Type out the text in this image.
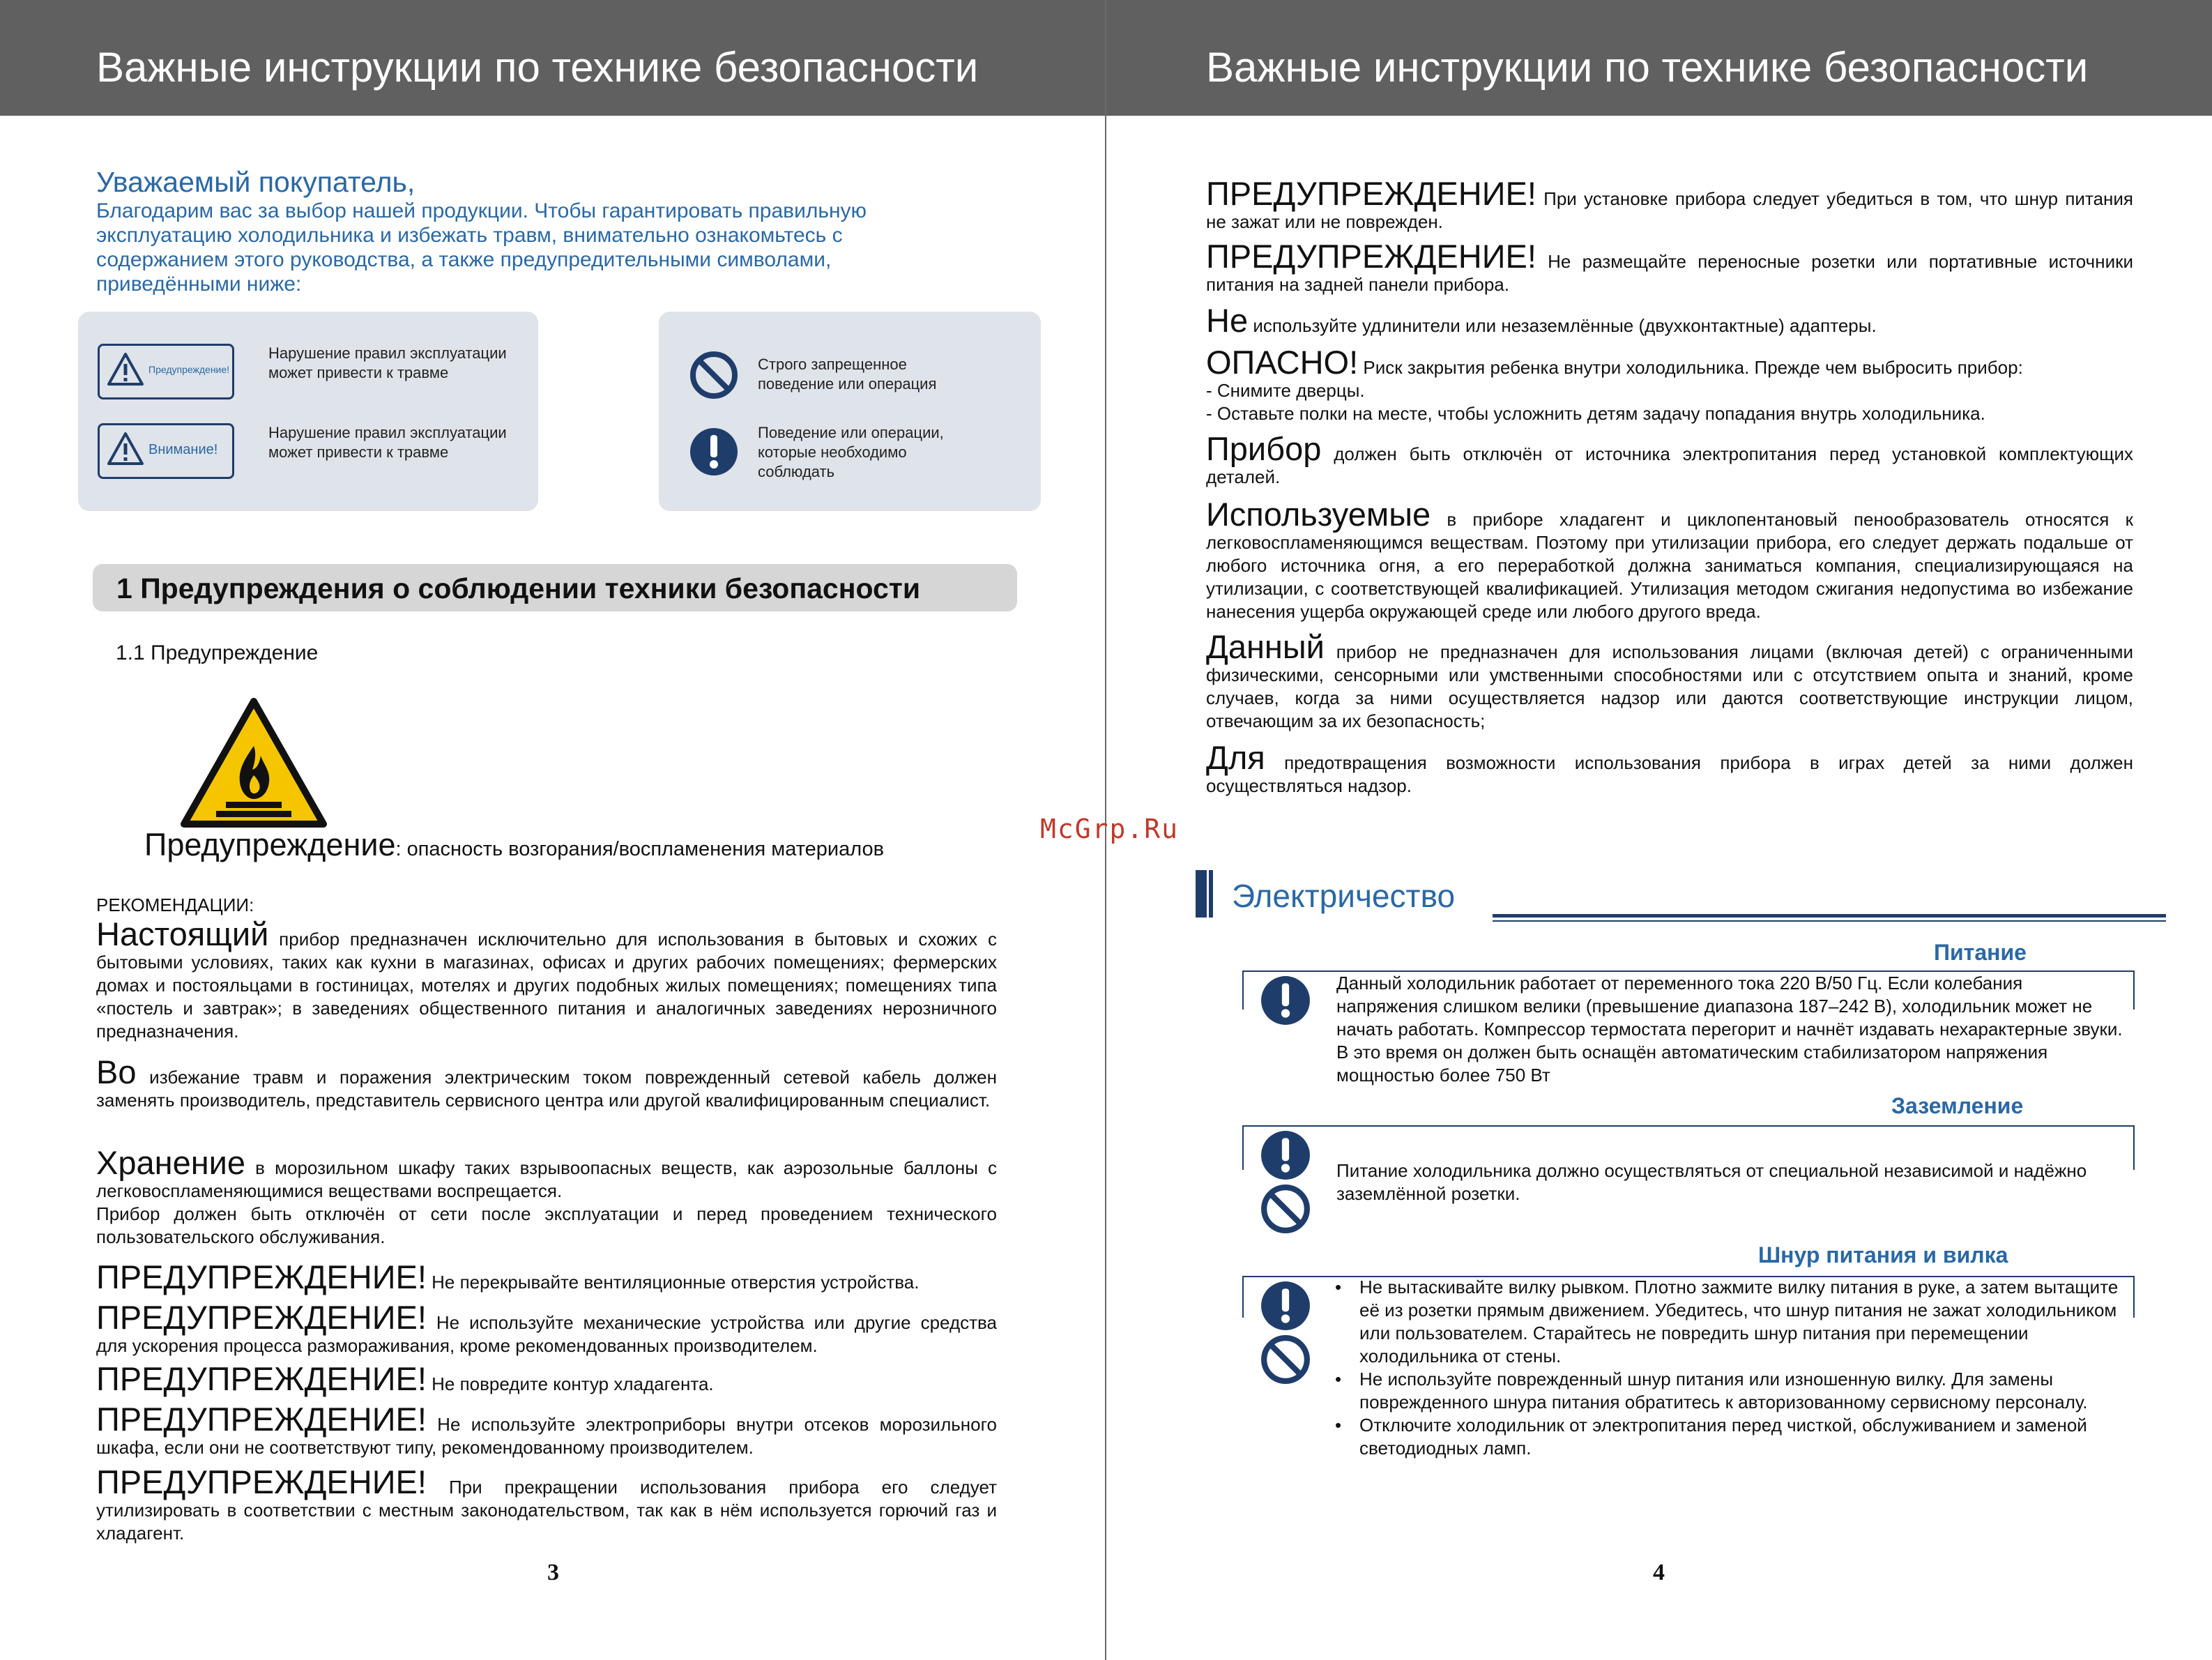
Важные инструкции по технике безопасности
Уважаемый покупатель,
Благодарим вас за выбор нашей продукции. Чтобы гарантировать правильную эксплуатацию холодильника и избежать травм, внимательно ознакомьтесь с содержанием этого руководства, а также предупредительными символами, приведёнными ниже:
Предупреждение!
Нарушение правил эксплуатации может привести к травме
Внимание!
Нарушение правил эксплуатации может привести к травме
Строго запрещенное поведение или операция
Поведение или операции, которые необходимо соблюдать
1 Предупреждения о соблюдении техники безопасности
1.1 Предупреждение
Предупреждение: опасность возгорания/воспламенения материалов
РЕКОМЕНДАЦИИ:
Настоящий прибор предназначен исключительно для использования в бытовых и схожих с бытовыми условиях, таких как кухни в магазинах, офисах и других рабочих помещениях; фермерских домах и постояльцами в гостиницах, мотелях и других подобных жилых помещениях; помещениях типа «постель и завтрак»; в заведениях общественного питания и аналогичных заведениях нерозничного предназначения.
Во избежание травм и поражения электрическим током поврежденный сетевой кабель должен заменять производитель, представитель сервисного центра или другой квалифицированным специалист.
Хранение в морозильном шкафу таких взрывоопасных веществ, как аэрозольные баллоны с легковоспламеняющимися веществами воспрещается.
Прибор должен быть отключён от сети после эксплуатации и перед проведением технического пользовательского обслуживания.
ПРЕДУПРЕЖДЕНИЕ! Не перекрывайте вентиляционные отверстия устройства.
ПРЕДУПРЕЖДЕНИЕ! Не используйте механические устройства или другие средства для ускорения процесса размораживания, кроме рекомендованных производителем.
ПРЕДУПРЕЖДЕНИЕ! Не повредите контур хладагента.
ПРЕДУПРЕЖДЕНИЕ! Не используйте электроприборы внутри отсеков морозильного шкафа, если они не соответствуют типу, рекомендованному производителем.
ПРЕДУПРЕЖДЕНИЕ! При прекращении использования прибора его следует утилизировать в соответствии с местным законодательством, так как в нём используется горючий газ и хладагент.
3
McGrp.Ru
Важные инструкции по технике безопасности
ПРЕДУПРЕЖДЕНИЕ! При установке прибора следует убедиться в том, что шнур питания не зажат или не поврежден.
ПРЕДУПРЕЖДЕНИЕ! Не размещайте переносные розетки или портативные источники питания на задней панели прибора.
Не используйте удлинители или незаземлённые (двухконтактные) адаптеры.
ОПАСНО! Риск закрытия ребенка внутри холодильника. Прежде чем выбросить прибор:
- Снимите дверцы.
- Оставьте полки на месте, чтобы усложнить детям задачу попадания внутрь холодильника.
Прибор должен быть отключён от источника электропитания перед установкой комплектующих деталей.
Используемые в приборе хладагент и циклопентановый пенообразователь относятся к легковоспламеняющимся веществам. Поэтому при утилизации прибора, его следует держать подальше от любого источника огня, а его переработкой должна заниматься компания, специализирующаяся на утилизации, с соответствующей квалификацией. Утилизация методом сжигания недопустима во избежание нанесения ущерба окружающей среде или любого другого вреда.
Данный прибор не предназначен для использования лицами (включая детей) с ограниченными физическими, сенсорными или умственными способностями или с отсутствием опыта и знаний, кроме случаев, когда за ними осуществляется надзор или даются соответствующие инструкции лицом, отвечающим за их безопасность;
Для предотвращения возможности использования прибора в играх детей за ними должен осуществляться надзор.
Электричество
Питание
Данный холодильник работает от переменного тока 220 В/50 Гц. Если колебания напряжения слишком велики (превышение диапазона 187–242 В), холодильник может не начать работать. Компрессор термостата перегорит и начнёт издавать нехарактерные звуки. В это время он должен быть оснащён автоматическим стабилизатором напряжения мощностью более 750 Вт
Заземление
Питание холодильника должно осуществляться от специальной независимой и надёжно заземлённой розетки.
Шнур питания и вилка
• Не вытаскивайте вилку рывком. Плотно зажмите вилку питания в руке, а затем вытащите её из розетки прямым движением. Убедитесь, что шнур питания не зажат холодильником или пользователем. Старайтесь не повредить шнур питания при перемещении холодильника от стены.
• Не используйте поврежденный шнур питания или изношенную вилку. Для замены поврежденного шнура питания обратитесь к авторизованному сервисному персоналу.
• Отключите холодильник от электропитания перед чисткой, обслуживанием и заменой светодиодных ламп.
4
